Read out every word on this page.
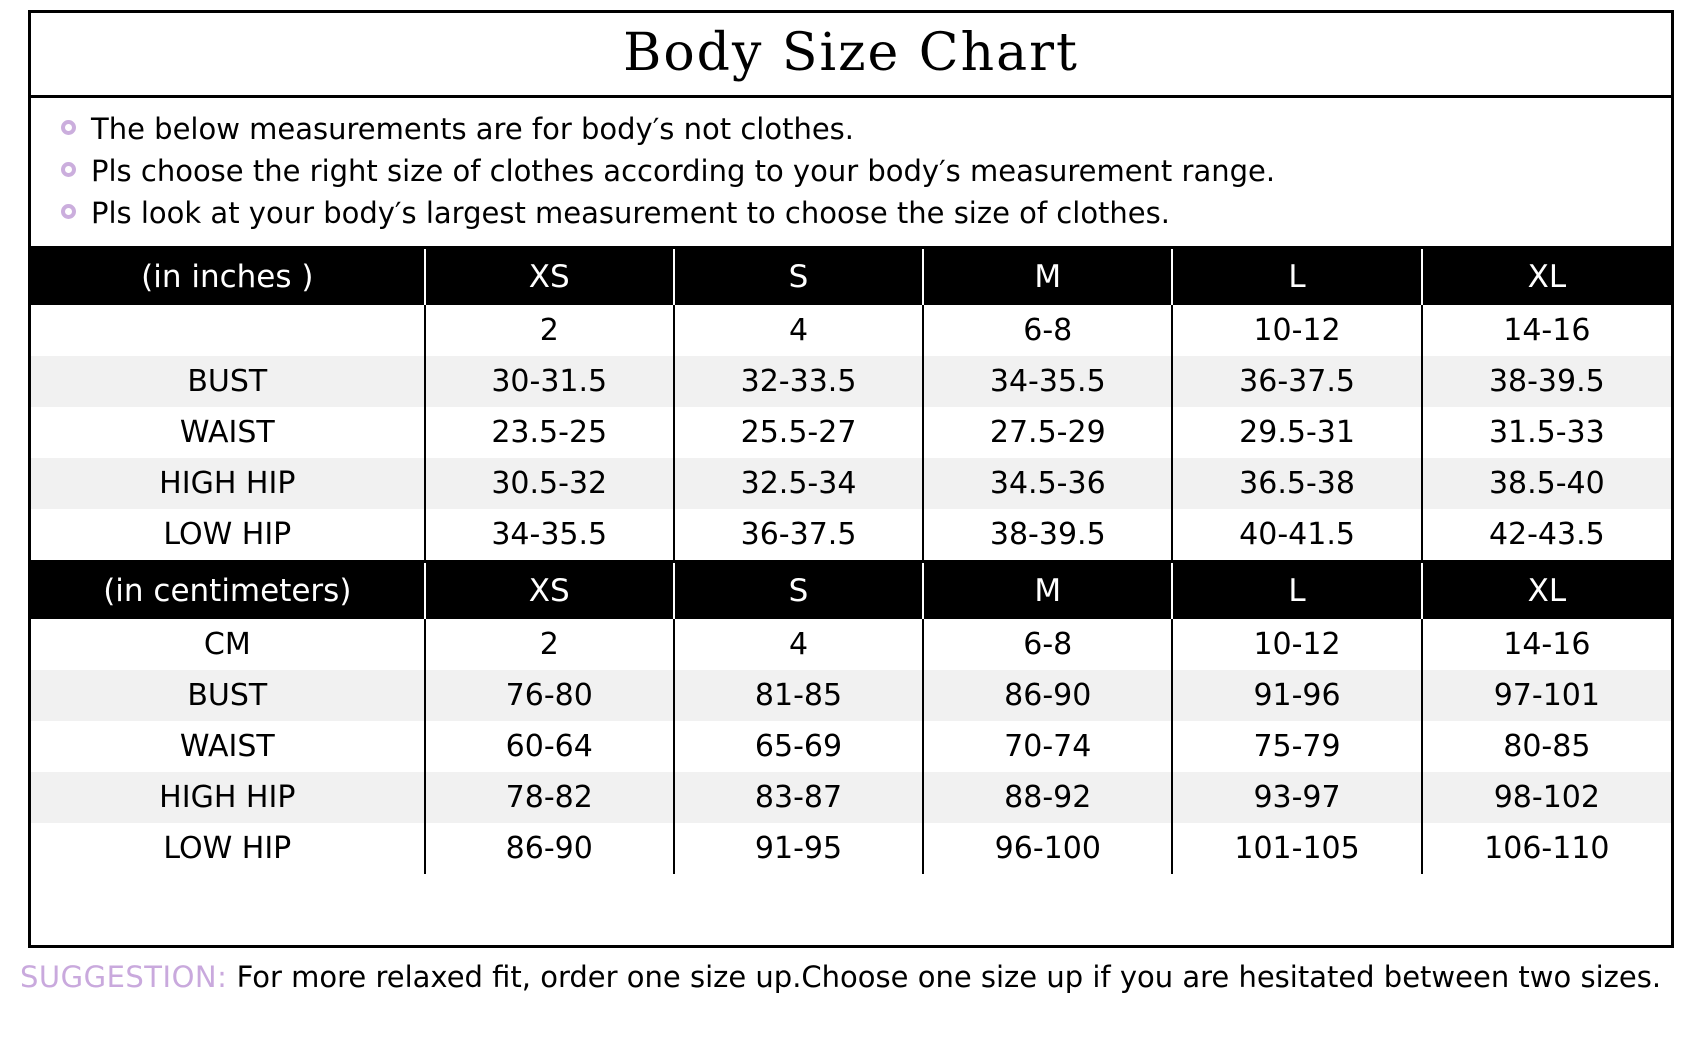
Body Size Chart
The below measurements are for body′s not clothes.
Pls choose the right size of clothes according to your body′s measurement range.
Pls look at your body′s largest measurement to choose the size of clothes.
(in inches )	XS	S	M	L	XL
	2	4	6-8	10-12	14-16
BUST	30-31.5	32-33.5	34-35.5	36-37.5	38-39.5
WAIST	23.5-25	25.5-27	27.5-29	29.5-31	31.5-33
HIGH HIP	30.5-32	32.5-34	34.5-36	36.5-38	38.5-40
LOW HIP	34-35.5	36-37.5	38-39.5	40-41.5	42-43.5
(in centimeters)	XS	S	M	L	XL
CM	2	4	6-8	10-12	14-16
BUST	76-80	81-85	86-90	91-96	97-101
WAIST	60-64	65-69	70-74	75-79	80-85
HIGH HIP	78-82	83-87	88-92	93-97	98-102
LOW HIP	86-90	91-95	96-100	101-105	106-110
SUGGESTION: For more relaxed fit, order one size up.Choose one size up if you are hesitated between two sizes.
